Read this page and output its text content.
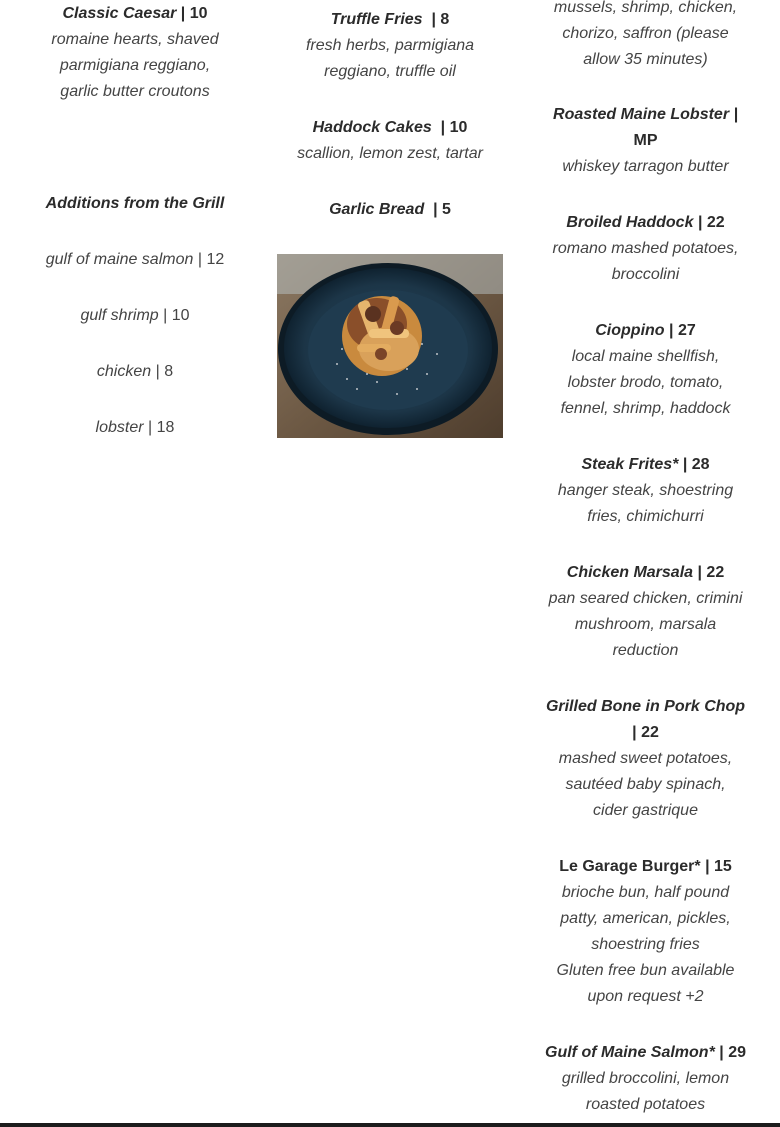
Classic Caesar | 10
romaine hearts, shaved
parmigiana reggiano,
garlic butter croutons
Additions from the Grill
gulf of maine salmon | 12
gulf shrimp | 10
chicken | 8
lobster | 18
Truffle Fries | 8
fresh herbs, parmigiana
reggiano, truffle oil
Haddock Cakes | 10
scallion, lemon zest, tartar
Garlic Bread | 5
mussels, shrimp, chicken,
chorizo, saffron (please
allow 35 minutes)
Roasted Maine Lobster |
MP
whiskey tarragon butter
Broiled Haddock | 22
romano mashed potatoes,
broccolini
Cioppino | 27
local maine shellfish,
lobster brodo, tomato,
fennel, shrimp, haddock
Steak Frites* | 28
hanger steak, shoestring
fries, chimichurri
Chicken Marsala | 22
pan seared chicken, crimini
mushroom, marsala
reduction
Grilled Bone in Pork Chop
| 22
mashed sweet potatoes,
sautéed baby spinach,
cider gastrique
Le Garage Burger* | 15
brioche bun, half pound
patty, american, pickles,
shoestring fries
Gluten free bun available
upon request +2
Gulf of Maine Salmon* | 29
grilled broccolini, lemon
roasted potatoes
